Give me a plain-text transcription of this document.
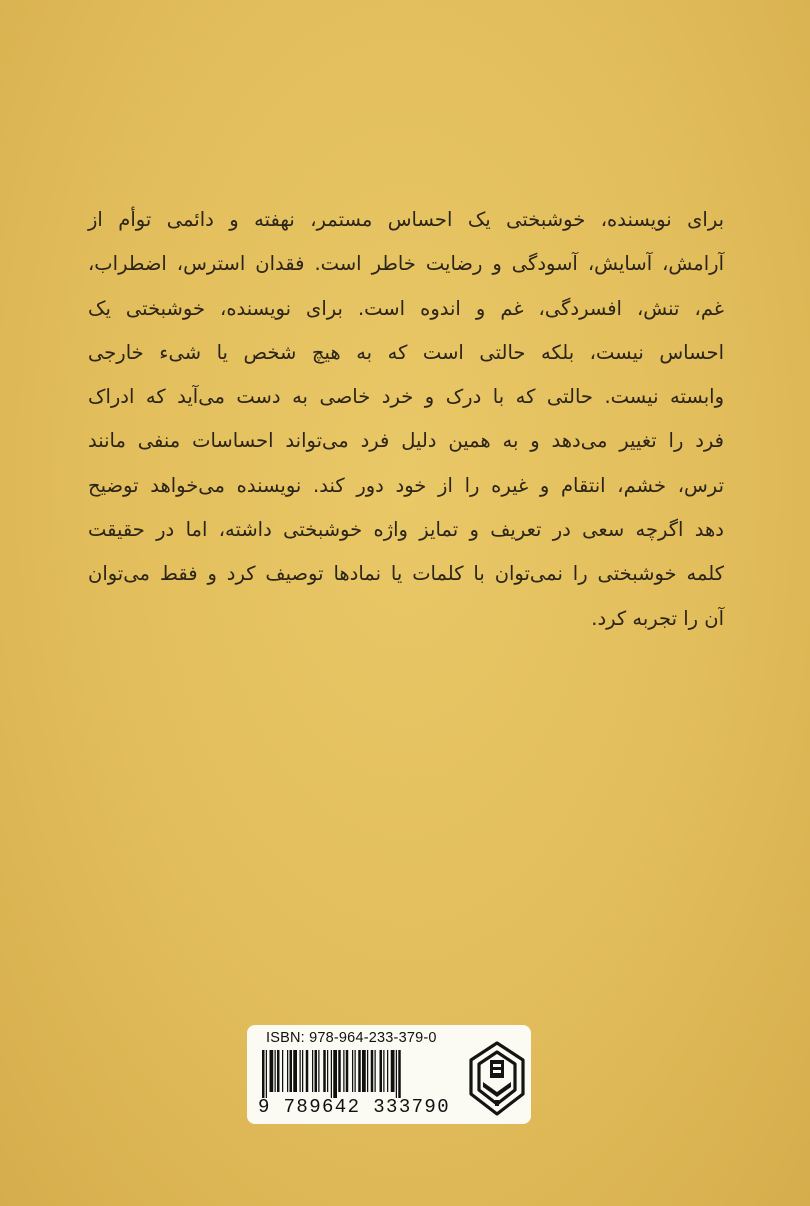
برای نویسنده، خوشبختی یک احساس مستمر، نهفته و دائمی توأم از
آرامش، آسایش، آسودگی و رضایت خاطر است. فقدان استرس، اضطراب،
غم، تنش، افسردگی، غم و اندوه است. برای نویسنده، خوشبختی یک
احساس نیست، بلکه حالتی است که به هیچ شخص یا شیء خارجی
وابسته نیست. حالتی که با درک و خرد خاصی به دست می‌آید که ادراک
فرد را تغییر می‌دهد و به همین دلیل فرد می‌تواند احساسات منفی مانند
ترس، خشم، انتقام و غیره را از خود دور کند. نویسنده می‌خواهد توضیح
دهد اگرچه سعی در تعریف و تمایز واژه خوشبختی داشته، اما در حقیقت
کلمه خوشبختی را نمی‌توان با کلمات یا نمادها توصیف کرد و فقط می‌توان
آن را تجربه کرد.
ISBN: 978-964-233-379-0
9 789642 333790
